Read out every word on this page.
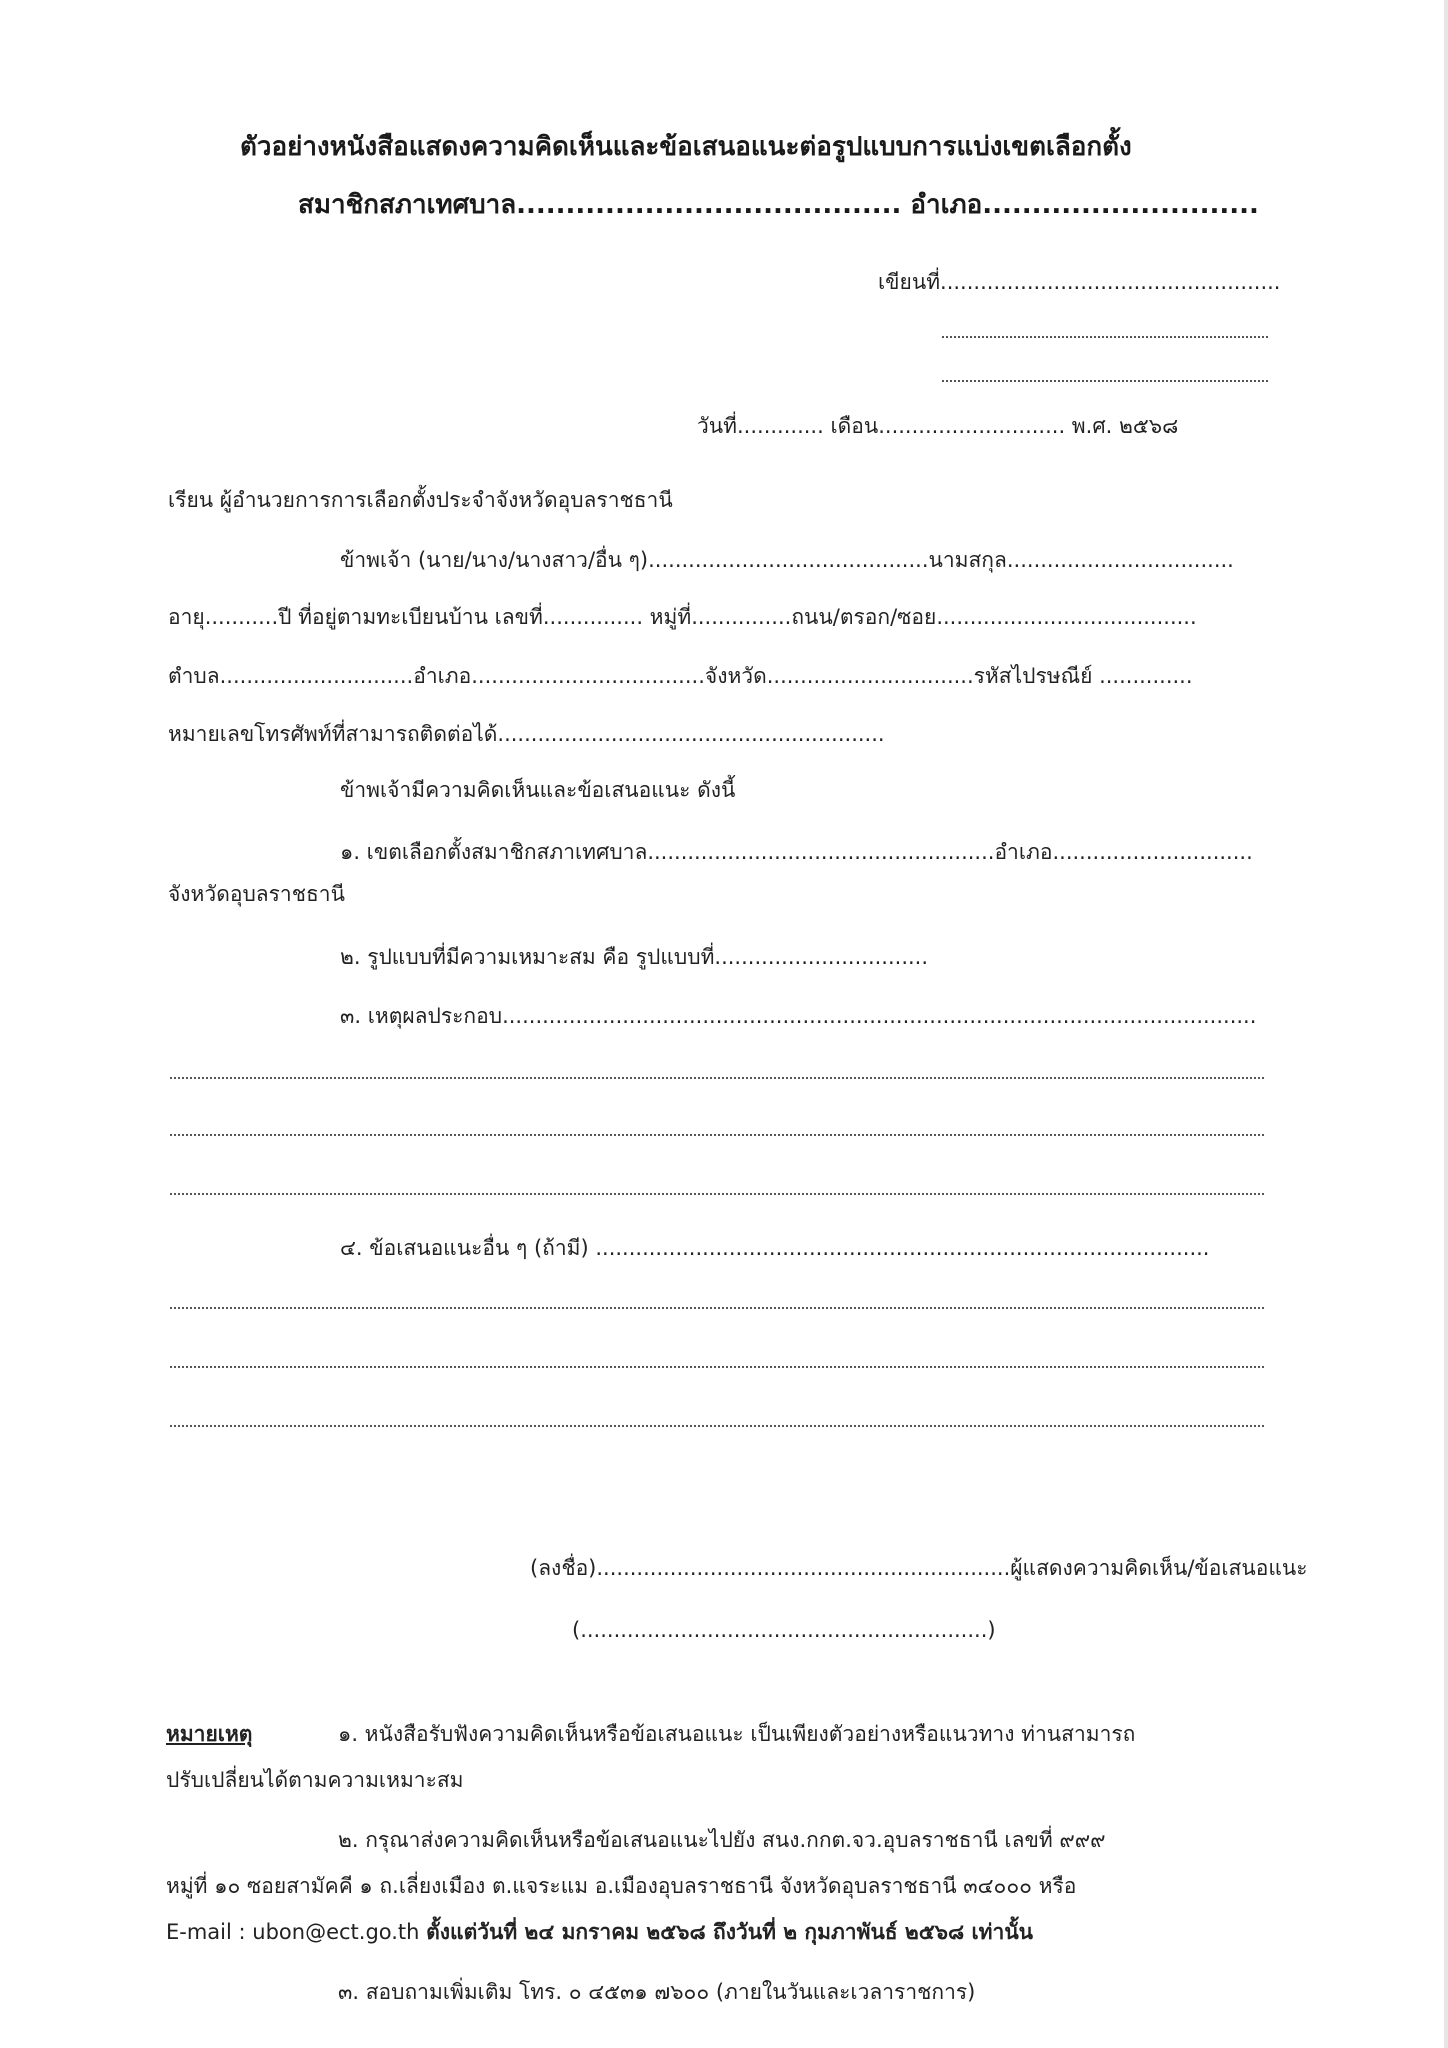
ตัวอย่างหนังสือแสดงความคิดเห็นและข้อเสนอแนะต่อรูปแบบการแบ่งเขตเลือกตั้ง
สมาชิกสภาเทศบาล....................................... อำเภอ............................
เขียนที่...................................................
วันที่............. เดือน............................ พ.ศ. ๒๕๖๘
เรียน ผู้อำนวยการการเลือกตั้งประจำจังหวัดอุบลราชธานี
ข้าพเจ้า (นาย/นาง/นางสาว/อื่น ๆ)..........................................นามสกุล..................................
อายุ...........ปี ที่อยู่ตามทะเบียนบ้าน เลขที่............... หมู่ที่...............ถนน/ตรอก/ซอย.......................................
ตำบล.............................อำเภอ...................................จังหวัด...............................รหัสไปรษณีย์ ..............
หมายเลขโทรศัพท์ที่สามารถติดต่อได้..........................................................
ข้าพเจ้ามีความคิดเห็นและข้อเสนอแนะ ดังนี้
๑. เขตเลือกตั้งสมาชิกสภาเทศบาล....................................................อำเภอ..............................
จังหวัดอุบลราชธานี
๒. รูปแบบที่มีความเหมาะสม คือ รูปแบบที่................................
๓. เหตุผลประกอบ.................................................................................................................
๔. ข้อเสนอแนะอื่น ๆ (ถ้ามี) ............................................................................................
(ลงชื่อ)..............................................................ผู้แสดงความคิดเห็น/ข้อเสนอแนะ
(.............................................................)
หมายเหตุ	๑. หนังสือรับฟังความคิดเห็นหรือข้อเสนอแนะ เป็นเพียงตัวอย่างหรือแนวทาง ท่านสามารถ
ปรับเปลี่ยนได้ตามความเหมาะสม
๒. กรุณาส่งความคิดเห็นหรือข้อเสนอแนะไปยัง สนง.กกต.จว.อุบลราชธานี เลขที่ ๙๙๙
หมู่ที่ ๑๐ ซอยสามัคคี ๑ ถ.เลี่ยงเมือง ต.แจระแม อ.เมืองอุบลราชธานี จังหวัดอุบลราชธานี ๓๔๐๐๐ หรือ
E-mail : ubon@ect.go.th ตั้งแต่วันที่ ๒๔ มกราคม ๒๕๖๘ ถึงวันที่ ๒ กุมภาพันธ์ ๒๕๖๘ เท่านั้น
๓. สอบถามเพิ่มเติม โทร. ๐ ๔๕๓๑ ๗๖๐๐ (ภายในวันและเวลาราชการ)
